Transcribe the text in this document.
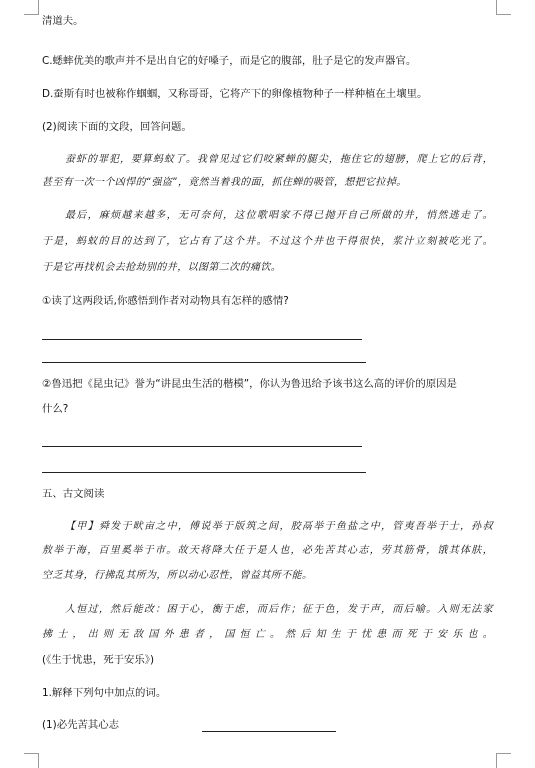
清道夫。
C.蟋蟀优美的歌声并不是出自它的好嗓子，而是它的腹部，肚子是它的发声器官。
D.蚕斯有时也被称作蝈蝈，又称哥哥，它将产下的卵像植物种子一样种植在土壤里。
(2)阅读下面的文段，回答问题。
蚕虾的罪犯，要算蚂蚁了。我曾见过它们咬紧蝉的腿尖，拖住它的翅膀，爬上它的后背，
甚至有一次一个凶悍的“强盗”，竟然当着我的面，抓住蝉的吸管，想把它拉掉。
最后，麻烦越来越多，无可奈何，这位歌唱家不得已抛开自己所做的井，悄然逃走了。
于是，蚂蚁的目的达到了，它占有了这个井。不过这个井也干得很快，浆汁立刻被吃光了。
于是它再找机会去抢劫别的井，以图第二次的痛饮。
①读了这两段话,你感悟到作者对动物具有怎样的感情?
②鲁迅把《昆虫记》誉为“讲昆虫生活的楷模”，你认为鲁迅给予该书这么高的评价的原因是
什么?
五、古文阅读
【甲】舜发于畎亩之中，傅说举于版筑之间，胶鬲举于鱼盐之中，管夷吾举于士，孙叔
敖举于海，百里奚举于市。故天将降大任于是人也，必先苦其心志，劳其筋骨，饿其体肤，
空乏其身，行拂乱其所为，所以动心忍性，曾益其所不能。
人恒过，然后能改：困于心，衡于虑，而后作；征于色，发于声，而后喻。入则无法家
拂士，出则无敌国外患者，国恒亡。然后知生于忧患而死于安乐也。
(《生于忧患，死于安乐》)
1.解释下列句中加点的词。
(1)必先苦其心志
